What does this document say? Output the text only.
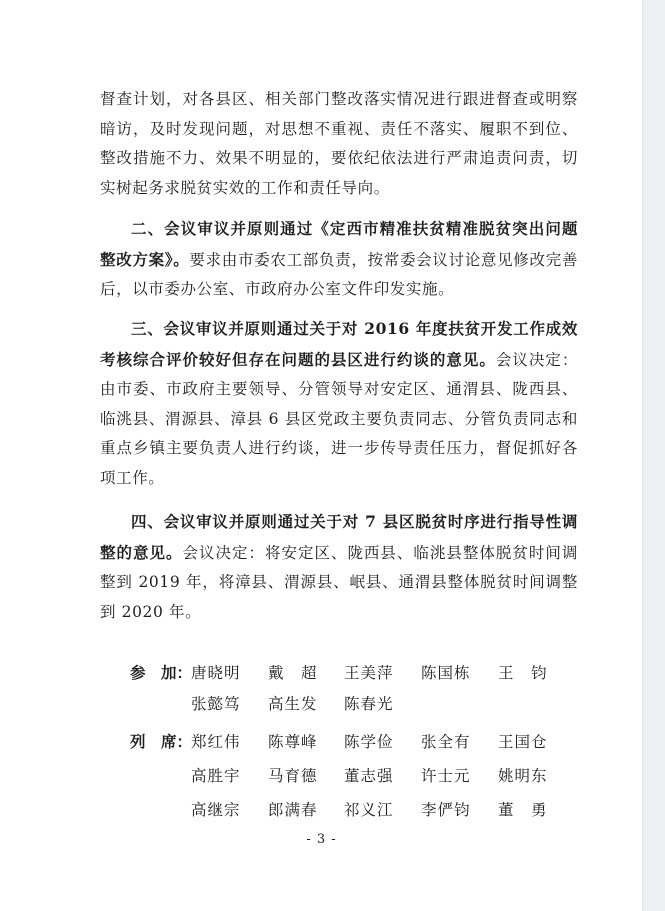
督查计划，对各县区、相关部门整改落实情况进行跟进督查或明察暗访，及时发现问题，对思想不重视、责任不落实、履职不到位、整改措施不力、效果不明显的，要依纪依法进行严肃追责问责，切实树起务求脱贫实效的工作和责任导向。

二、会议审议并原则通过《定西市精准扶贫精准脱贫突出问题整改方案》。要求由市委农工部负责，按常委会议讨论意见修改完善后，以市委办公室、市政府办公室文件印发实施。

三、会议审议并原则通过关于对 2016 年度扶贫开发工作成效考核综合评价较好但存在问题的县区进行约谈的意见。会议决定：由市委、市政府主要领导、分管领导对安定区、通渭县、陇西县、临洮县、渭源县、漳县 6 县区党政主要负责同志、分管负责同志和重点乡镇主要负责人进行约谈，进一步传导责任压力，督促抓好各项工作。

四、会议审议并原则通过关于对 7 县区脱贫时序进行指导性调整的意见。会议决定：将安定区、陇西县、临洮县整体脱贫时间调整到 2019 年，将漳县、渭源县、岷县、通渭县整体脱贫时间调整到 2020 年。

参　加：
唐晓明 戴　超 王美萍 陈国栋 王　钧
张懿笃 高生发 陈春光
列　席：
郑红伟 陈尊峰 陈学俭 张全有 王国仓
高胜宇 马育德 董志强 许士元 姚明东
高继宗 郎满春 祁义江 李俨钧 董　勇
- 3 -
